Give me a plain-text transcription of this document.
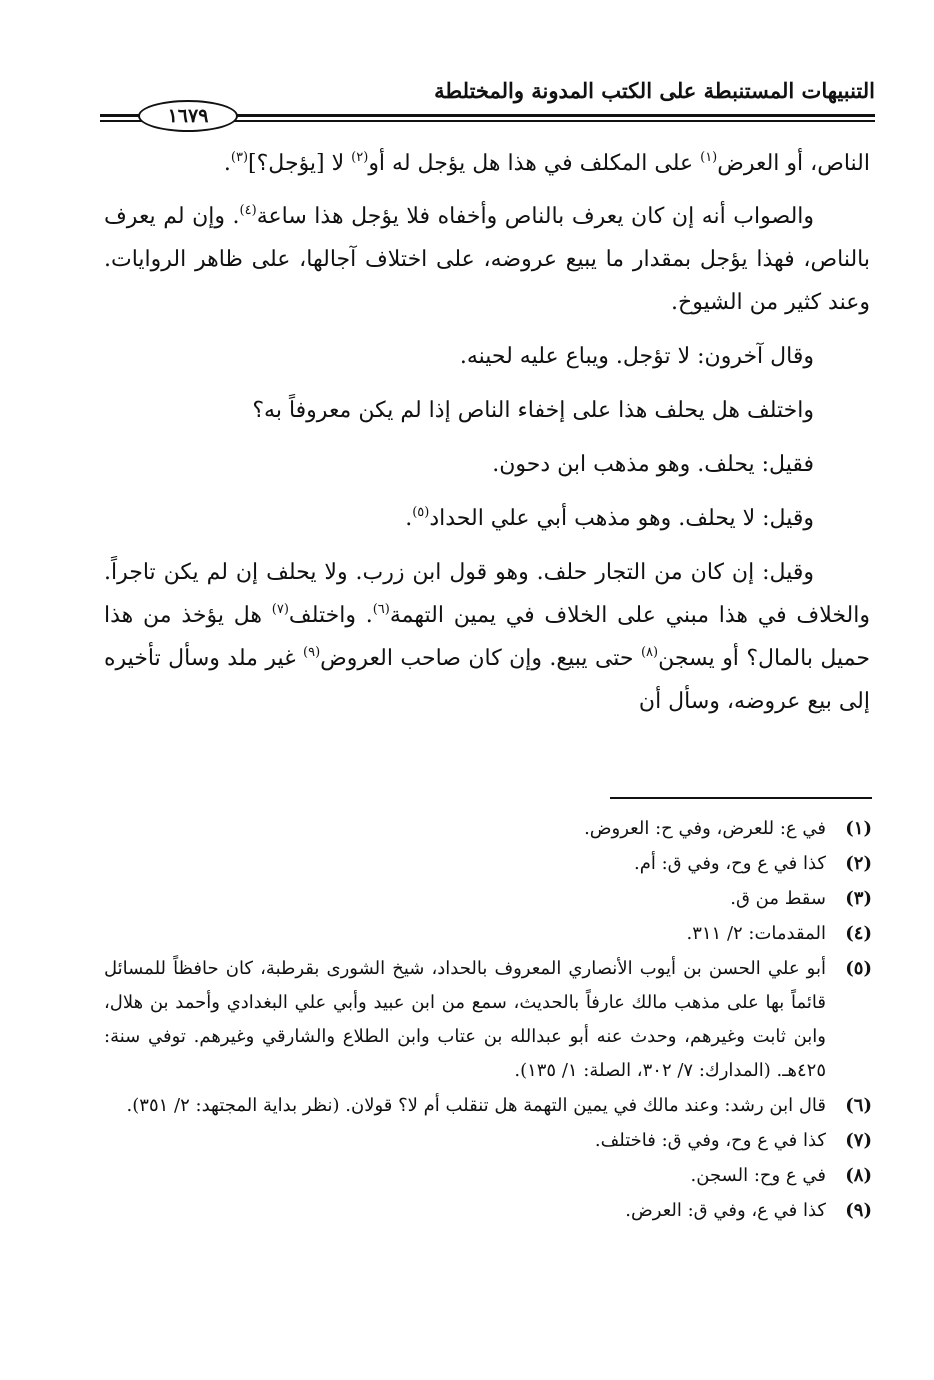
التنبيهات المستنبطة على الكتب المدونة والمختلطة
١٦٧٩

الناص، أو العرض$^{(١)}$ على المكلف في هذا هل يؤجل له أو$^{(٢)}$ لا [يؤجل؟]$^{(٣)}$.

والصواب أنه إن كان يعرف بالناص وأخفاه فلا يؤجل هذا ساعة$^{(٤)}$. وإن لم يعرف بالناص، فهذا يؤجل بمقدار ما يبيع عروضه، على اختلاف آجالها، على ظاهر الروايات. وعند كثير من الشيوخ.

وقال آخرون: لا تؤجل. ويباع عليه لحينه.

واختلف هل يحلف هذا على إخفاء الناص إذا لم يكن معروفاً به؟

فقيل: يحلف. وهو مذهب ابن دحون.

وقيل: لا يحلف. وهو مذهب أبي علي الحداد$^{(٥)}$.

وقيل: إن كان من التجار حلف. وهو قول ابن زرب. ولا يحلف إن لم يكن تاجراً. والخلاف في هذا مبني على الخلاف في يمين التهمة$^{(٦)}$. واختلف$^{(٧)}$ هل يؤخذ من هذا حميل بالمال؟ أو يسجن$^{(٨)}$ حتى يبيع. وإن كان صاحب العروض$^{(٩)}$ غير ملد وسأل تأخيره إلى بيع عروضه، وسأل أن

(١)
في ع: للعرض، وفي ح: العروض.
(٢)
كذا في ع وح، وفي ق: أم.
(٣)
سقط من ق.
(٤)
المقدمات: ٢/ ٣١١.
(٥)
أبو علي الحسن بن أيوب الأنصاري المعروف بالحداد، شيخ الشورى بقرطبة، كان حافظاً للمسائل قائماً بها على مذهب مالك عارفاً بالحديث، سمع من ابن عبيد وأبي علي البغدادي وأحمد بن هلال، وابن ثابت وغيرهم، وحدث عنه أبو عبدالله بن عتاب وابن الطلاع والشارقي وغيرهم. توفي سنة: ٤٢٥هـ. (المدارك: ٧/ ٣٠٢، الصلة: ١/ ١٣٥).
(٦)
قال ابن رشد: وعند مالك في يمين التهمة هل تنقلب أم لا؟ قولان. (نظر بداية المجتهد: ٢/ ٣٥١).
(٧)
كذا في ع وح، وفي ق: فاختلف.
(٨)
في ع وح: السجن.
(٩)
كذا في ع، وفي ق: العرض.
